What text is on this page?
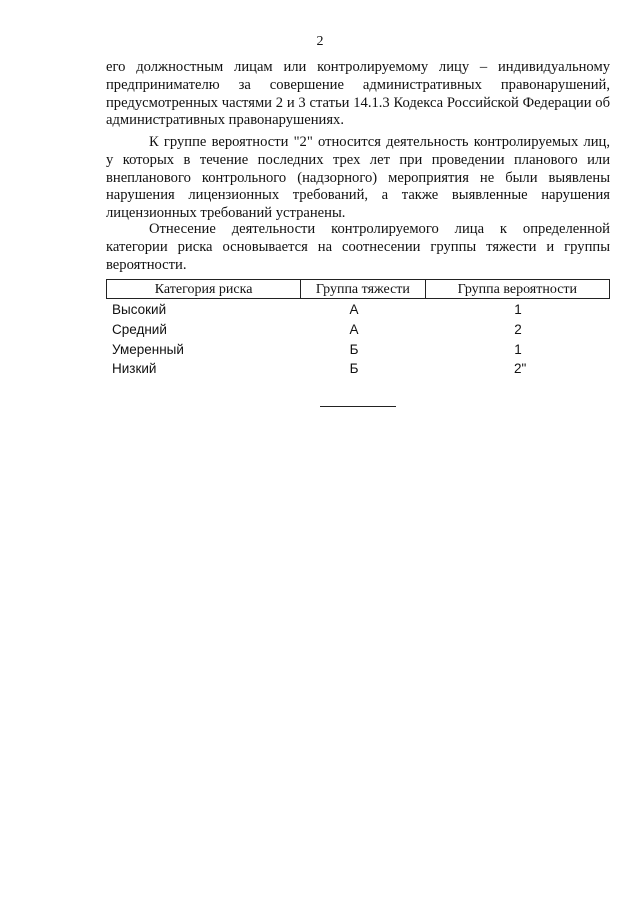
2
его должностным лицам или контролируемому лицу – индивидуальному предпринимателю за совершение административных правонарушений, предусмотренных частями 2 и 3 статьи 14.1.3 Кодекса Российской Федерации об административных правонарушениях.
К группе вероятности "2" относится деятельность контролируемых лиц, у которых в течение последних трех лет при проведении планового или внепланового контрольного (надзорного) мероприятия не были выявлены нарушения лицензионных требований, а также выявленные нарушения лицензионных требований устранены.
Отнесение деятельности контролируемого лица к определенной категории риска основывается на соотнесении группы тяжести и группы вероятности.
Категория риска	Группа тяжести	Группа вероятности
Высокий	А	1
Средний	А	2
Умеренный	Б	1
Низкий	Б	2"
